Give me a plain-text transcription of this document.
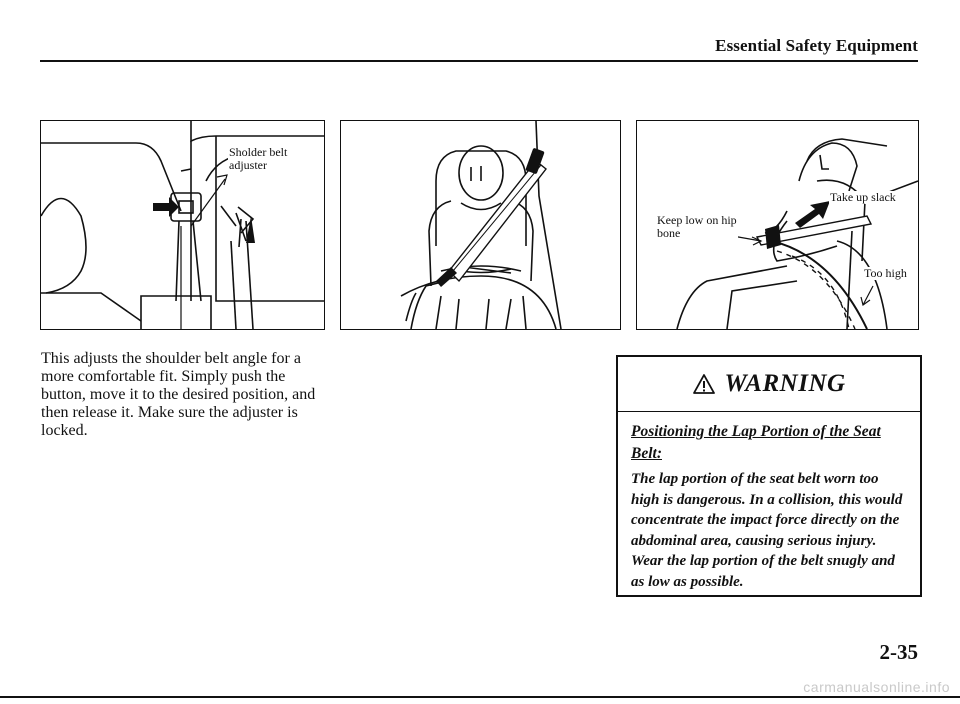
Essential Safety Equipment
Sholder belt adjuster
Take up slack
Keep low on hip bone
Too high
This adjusts the shoulder belt angle for a more comfortable fit. Simply push the button, move it to the desired position, and then release it. Make sure the adjuster is locked.
WARNING
Positioning the Lap Portion of the Seat Belt:
The lap portion of the seat belt worn too high is dangerous. In a collision, this would concentrate the impact force directly on the abdominal area, causing serious injury. Wear the lap portion of the belt snugly and as low as possible.
2-35
carmanualsonline.info
